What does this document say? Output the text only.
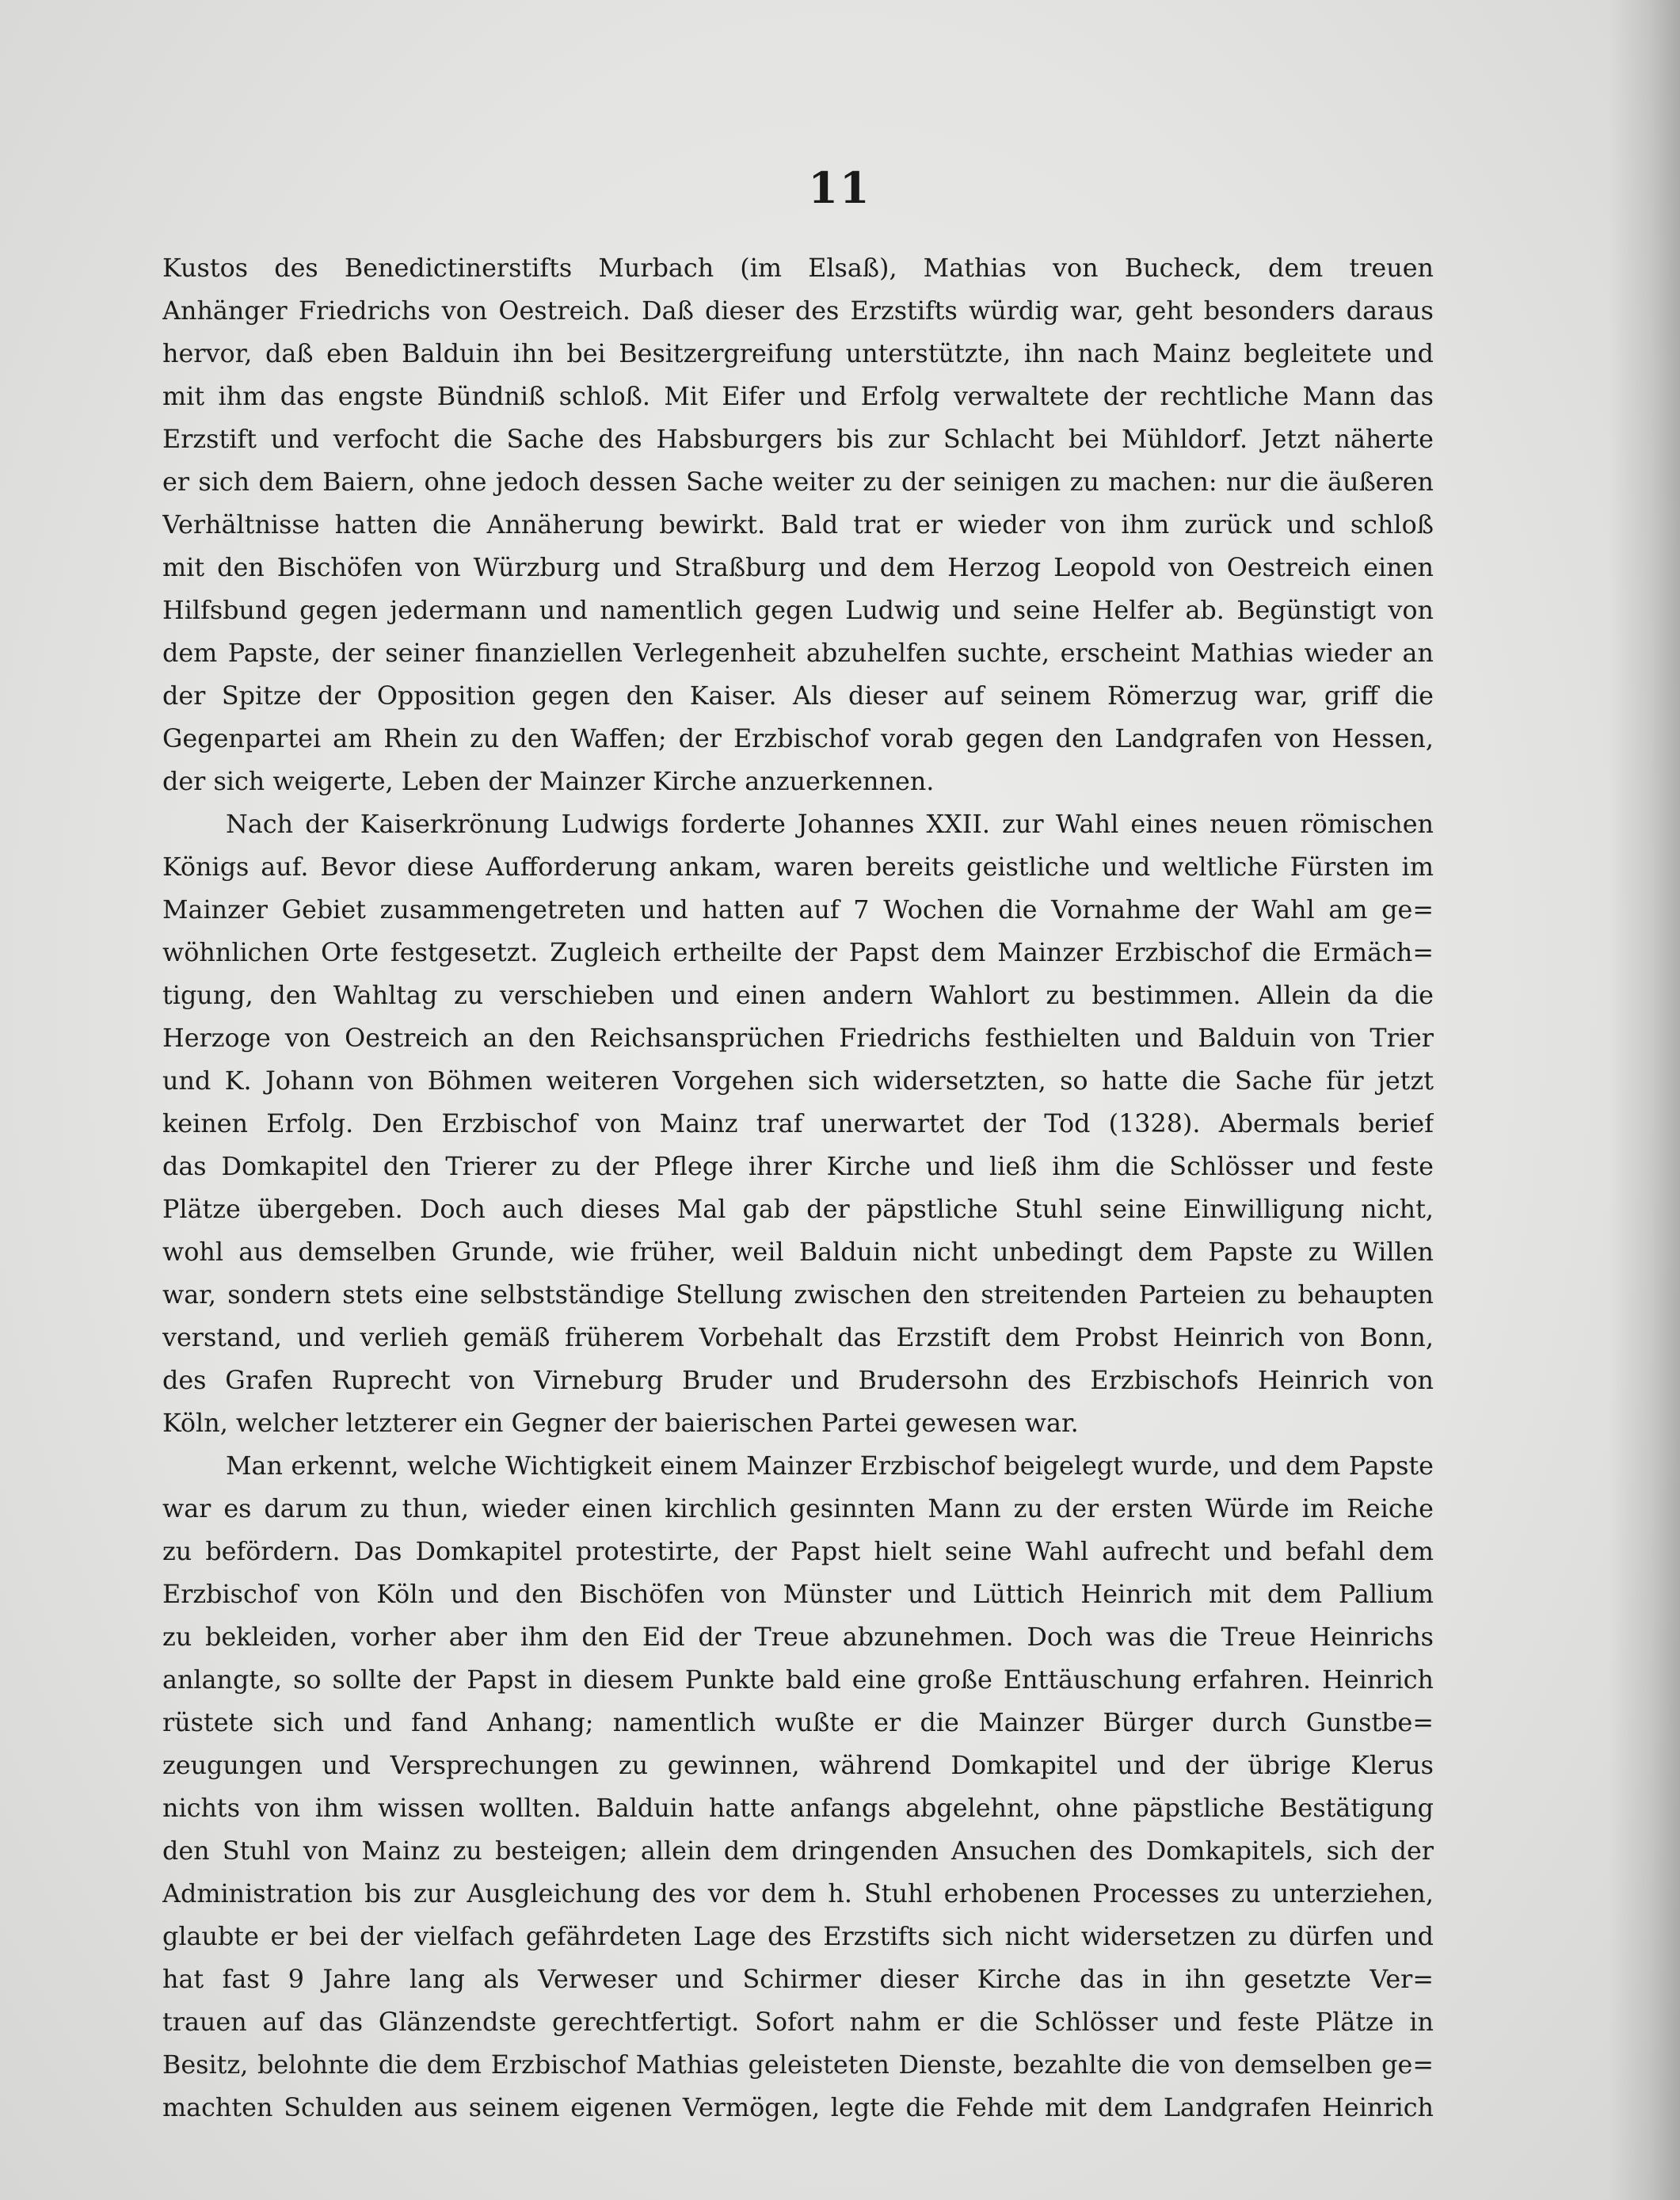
11
Kustos des Benedictinerstifts Murbach (im Elsaß), Mathias von Bucheck, dem treuen
Anhänger Friedrichs von Oestreich. Daß dieser des Erzstifts würdig war, geht besonders daraus
hervor, daß eben Balduin ihn bei Besitzergreifung unterstützte, ihn nach Mainz begleitete und
mit ihm das engste Bündniß schloß. Mit Eifer und Erfolg verwaltete der rechtliche Mann das
Erzstift und verfocht die Sache des Habsburgers bis zur Schlacht bei Mühldorf. Jetzt näherte
er sich dem Baiern, ohne jedoch dessen Sache weiter zu der seinigen zu machen: nur die äußeren
Verhältnisse hatten die Annäherung bewirkt. Bald trat er wieder von ihm zurück und schloß
mit den Bischöfen von Würzburg und Straßburg und dem Herzog Leopold von Oestreich einen
Hilfsbund gegen jedermann und namentlich gegen Ludwig und seine Helfer ab. Begünstigt von
dem Papste, der seiner finanziellen Verlegenheit abzuhelfen suchte, erscheint Mathias wieder an
der Spitze der Opposition gegen den Kaiser. Als dieser auf seinem Römerzug war, griff die
Gegenpartei am Rhein zu den Waffen; der Erzbischof vorab gegen den Landgrafen von Hessen,
der sich weigerte, Leben der Mainzer Kirche anzuerkennen.
Nach der Kaiserkrönung Ludwigs forderte Johannes XXII. zur Wahl eines neuen römischen
Königs auf. Bevor diese Aufforderung ankam, waren bereits geistliche und weltliche Fürsten im
Mainzer Gebiet zusammengetreten und hatten auf 7 Wochen die Vornahme der Wahl am ge=
wöhnlichen Orte festgesetzt. Zugleich ertheilte der Papst dem Mainzer Erzbischof die Ermäch=
tigung, den Wahltag zu verschieben und einen andern Wahlort zu bestimmen. Allein da die
Herzoge von Oestreich an den Reichsansprüchen Friedrichs festhielten und Balduin von Trier
und K. Johann von Böhmen weiteren Vorgehen sich widersetzten, so hatte die Sache für jetzt
keinen Erfolg. Den Erzbischof von Mainz traf unerwartet der Tod (1328). Abermals berief
das Domkapitel den Trierer zu der Pflege ihrer Kirche und ließ ihm die Schlösser und feste
Plätze übergeben. Doch auch dieses Mal gab der päpstliche Stuhl seine Einwilligung nicht,
wohl aus demselben Grunde, wie früher, weil Balduin nicht unbedingt dem Papste zu Willen
war, sondern stets eine selbstständige Stellung zwischen den streitenden Parteien zu behaupten
verstand, und verlieh gemäß früherem Vorbehalt das Erzstift dem Probst Heinrich von Bonn,
des Grafen Ruprecht von Virneburg Bruder und Brudersohn des Erzbischofs Heinrich von
Köln, welcher letzterer ein Gegner der baierischen Partei gewesen war.
Man erkennt, welche Wichtigkeit einem Mainzer Erzbischof beigelegt wurde, und dem Papste
war es darum zu thun, wieder einen kirchlich gesinnten Mann zu der ersten Würde im Reiche
zu befördern. Das Domkapitel protestirte, der Papst hielt seine Wahl aufrecht und befahl dem
Erzbischof von Köln und den Bischöfen von Münster und Lüttich Heinrich mit dem Pallium
zu bekleiden, vorher aber ihm den Eid der Treue abzunehmen. Doch was die Treue Heinrichs
anlangte, so sollte der Papst in diesem Punkte bald eine große Enttäuschung erfahren. Heinrich
rüstete sich und fand Anhang; namentlich wußte er die Mainzer Bürger durch Gunstbe=
zeugungen und Versprechungen zu gewinnen, während Domkapitel und der übrige Klerus
nichts von ihm wissen wollten. Balduin hatte anfangs abgelehnt, ohne päpstliche Bestätigung
den Stuhl von Mainz zu besteigen; allein dem dringenden Ansuchen des Domkapitels, sich der
Administration bis zur Ausgleichung des vor dem h. Stuhl erhobenen Processes zu unterziehen,
glaubte er bei der vielfach gefährdeten Lage des Erzstifts sich nicht widersetzen zu dürfen und
hat fast 9 Jahre lang als Verweser und Schirmer dieser Kirche das in ihn gesetzte Ver=
trauen auf das Glänzendste gerechtfertigt. Sofort nahm er die Schlösser und feste Plätze in
Besitz, belohnte die dem Erzbischof Mathias geleisteten Dienste, bezahlte die von demselben ge=
machten Schulden aus seinem eigenen Vermögen, legte die Fehde mit dem Landgrafen Heinrich
